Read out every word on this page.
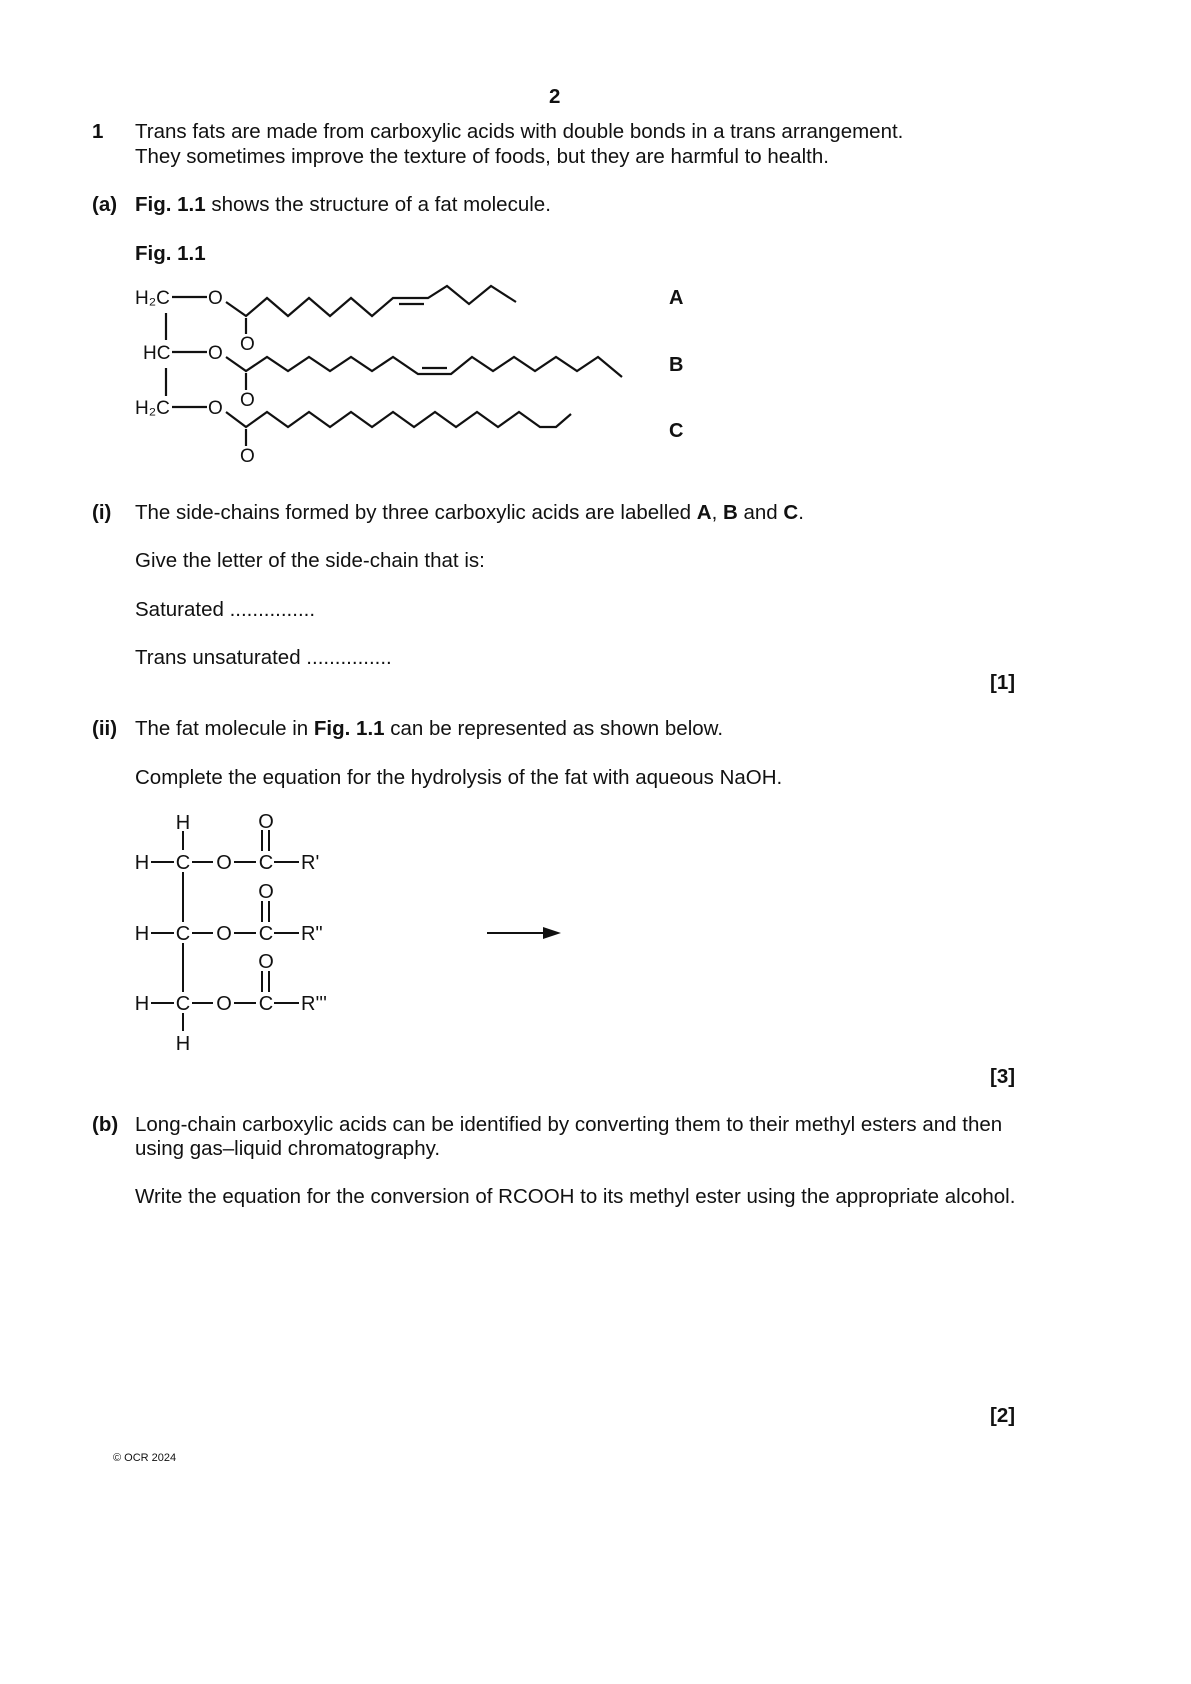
2
1 Trans fats are made from carboxylic acids with double bonds in a trans arrangement.
They sometimes improve the texture of foods, but they are harmful to health.
(a) Fig. 1.1 shows the structure of a fat molecule.
Fig. 1.1
H₂C
HC
H₂C
O
O
O
O
O
O
A
B
C
(i) The side-chains formed by three carboxylic acids are labelled A, B and C.
Give the letter of the side-chain that is:
Saturated ...............
Trans unsaturated ...............
[1]
(ii) The fat molecule in Fig. 1.1 can be represented as shown below.
Complete the equation for the hydrolysis of the fat with aqueous NaOH.
H	O
H C O C
O
H C O C
O
H C O C
H
R'
R"
R'''
[3]
(b) Long-chain carboxylic acids can be identified by converting them to their methyl esters and then
using gas–liquid chromatography.
Write the equation for the conversion of RCOOH to its methyl ester using the appropriate alcohol.
[2]
© OCR 2024
